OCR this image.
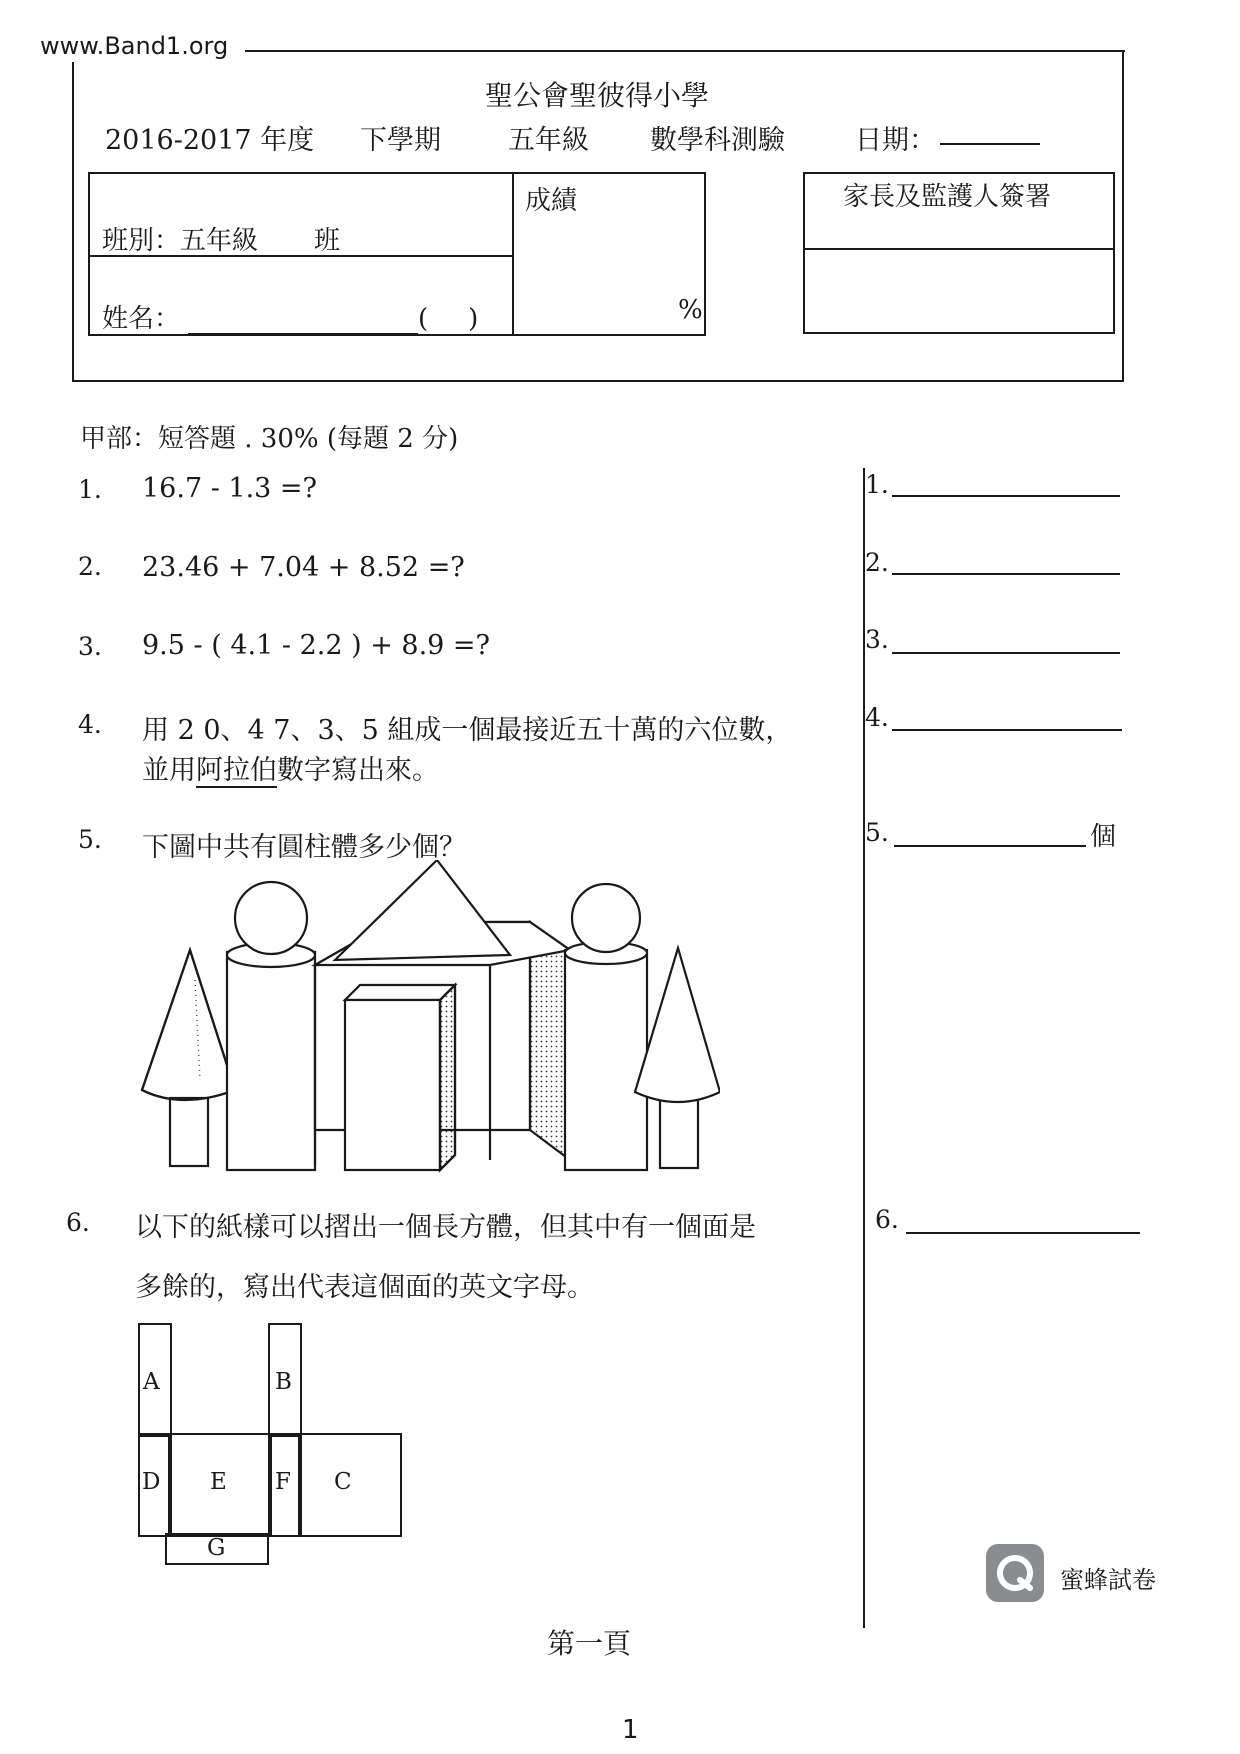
www.Band1.org
聖公會聖彼得小學
2016-2017 年度 下學期 五年級 數學科測驗	日期：
班別：五年級 班
姓名：	( )
成績
%
家長及監護人簽署
甲部：短答題 . 30% (每題 2 分)
1. 16.7 - 1.3 =?
2. 23.46 + 7.04 + 8.52 =?
3. 9.5 - ( 4.1 - 2.2 ) + 8.9 =?
4. 用 2 0、4 7、3、5 組成一個最接近五十萬的六位數，
並用阿拉伯數字寫出來。
5. 下圖中共有圓柱體多少個？
6. 以下的紙樣可以摺出一個長方體，但其中有一個面是
多餘的，寫出代表這個面的英文字母。
A	B
D E F C
G
1.
2.
3.
4.
5.	個
6.
蜜蜂試卷
第一頁
1
